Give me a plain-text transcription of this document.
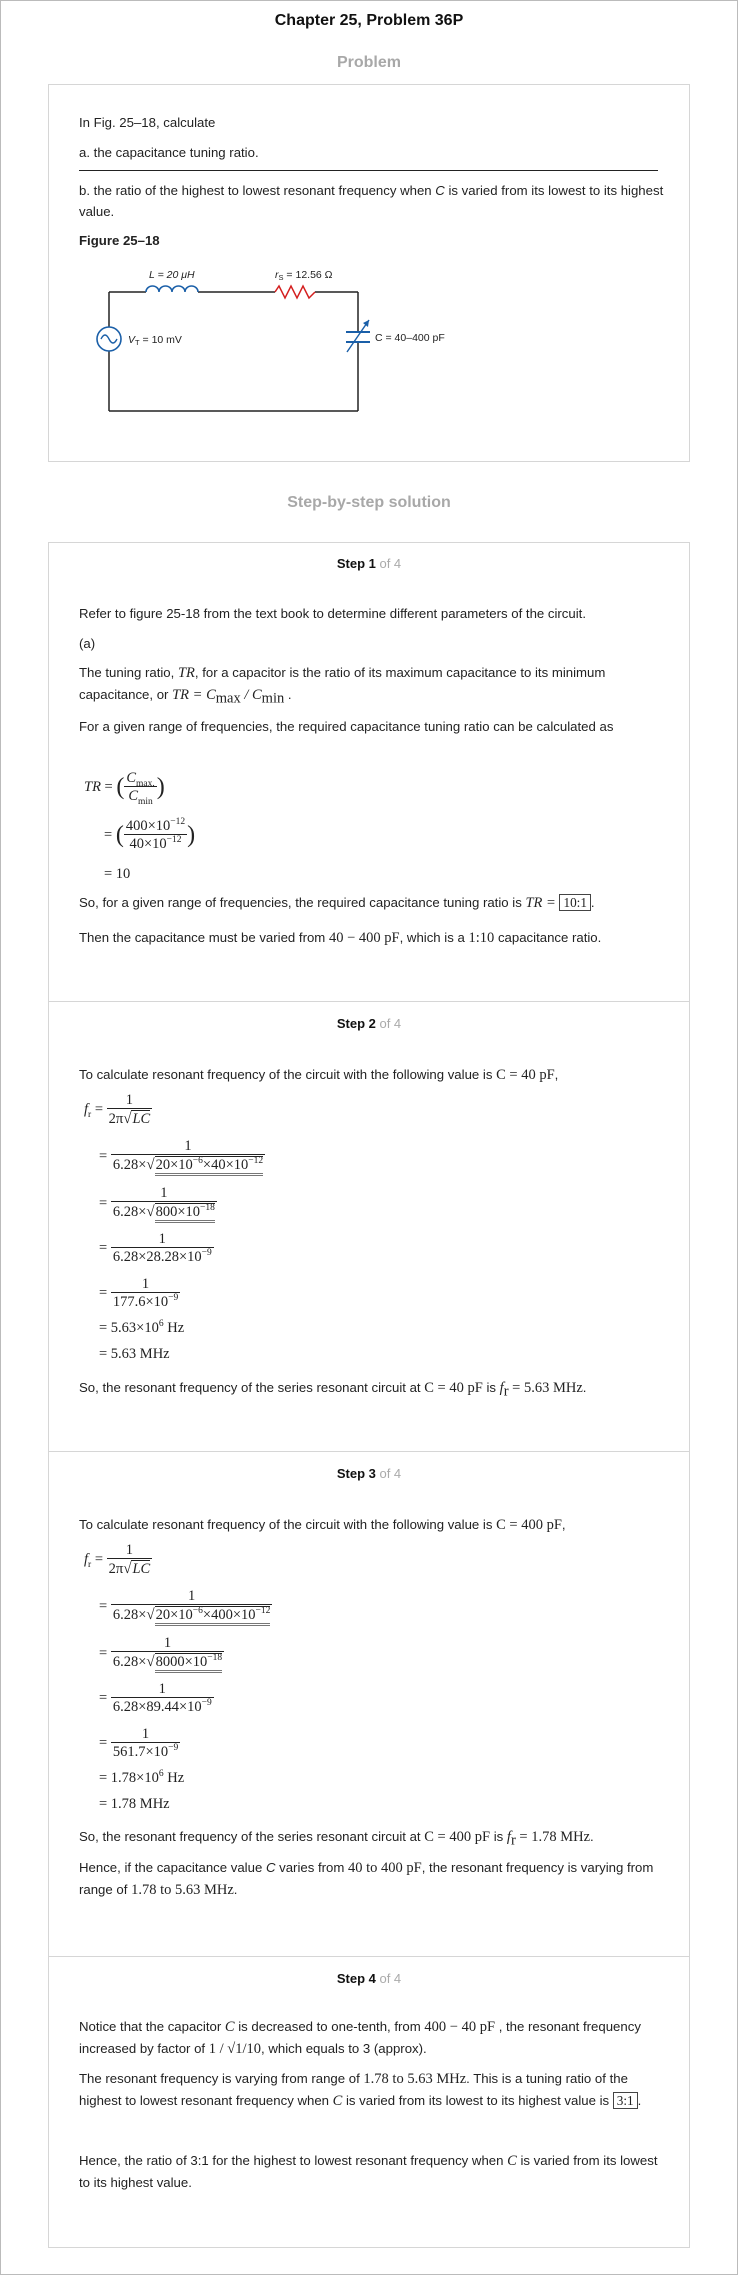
Chapter 25, Problem 36P
Problem
In Fig. 25–18, calculate
a. the capacitance tuning ratio.
b. the ratio of the highest to lowest resonant frequency when C is varied from its lowest to its highest value.
Figure 25–18
L = 20 μH	rS = 12.56 Ω
VT = 10 mV	C = 40–400 pF
Step-by-step solution
Step 1 of 4
Refer to figure 25-18 from the text book to determine different parameters of the circuit.
(a)
The tuning ratio, TR, for a capacitor is the ratio of its maximum capacitance to its minimum capacitance, or TR = $C_{max} / C_{min}$ .
For a given range of frequencies, the required capacitance tuning ratio can be calculated as
TR = ( $\frac{C_{max.}}{C_{min}}$ )
= ( $\frac{400\times 10^{-12}}{40\times 10^{-12}}$ )
= 10
So, for a given range of frequencies, the required capacitance tuning ratio is TR = 10:1 .
Then the capacitance must be varied from 40 − 400 pF, which is a 1:10 capacitance ratio.
Step 2 of 4
To calculate resonant frequency of the circuit with the following value is C = 40 pF,
$f_r = \frac{1}{2\pi√LC}$
= $\frac{1}{6.28\times√20\times 10^{-6}\times 40\times 10^{-12}}$
= $\frac{1}{6.28\times√800\times 10^{-18}}$
= $\frac{1}{6.28\times 28.28\times 10^{-9}}$
= $\frac{1}{177.6\times 10^{-9}}$
= $5.63\times 10^6$ Hz
= 5.63 MHz
So, the resonant frequency of the series resonant circuit at C = 40 pF is $f_r = 5.63$ MHz.
Step 3 of 4
To calculate resonant frequency of the circuit with the following value is C = 400 pF,
$f_r = \frac{1}{2\pi√LC}$
= $\frac{1}{6.28\times√20\times 10^{-6}\times 400\times 10^{-12}}$
= $\frac{1}{6.28\times√8000\times 10^{-18}}$
= $\frac{1}{6.28\times 89.44\times 10^{-9}}$
= $\frac{1}{561.7\times 10^{-9}}$
= $1.78\times 10^6$ Hz
= 1.78 MHz
So, the resonant frequency of the series resonant circuit at C = 400 pF is $f_r = 1.78$ MHz.
Hence, if the capacitance value C varies from 40 to 400 pF, the resonant frequency is varying from range of 1.78 to 5.63 MHz.
Step 4 of 4
Notice that the capacitor C is decreased to one-tenth, from 400 − 40 pF , the resonant frequency increased by factor of 1 / √1/10, which equals to 3 (approx).
The resonant frequency is varying from range of 1.78 to 5.63 MHz. This is a tuning ratio of the highest to lowest resonant frequency when C is varied from its lowest to its highest value is 3:1 .
Hence, the ratio of 3:1 for the highest to lowest resonant frequency when C is varied from its lowest to its highest value.
